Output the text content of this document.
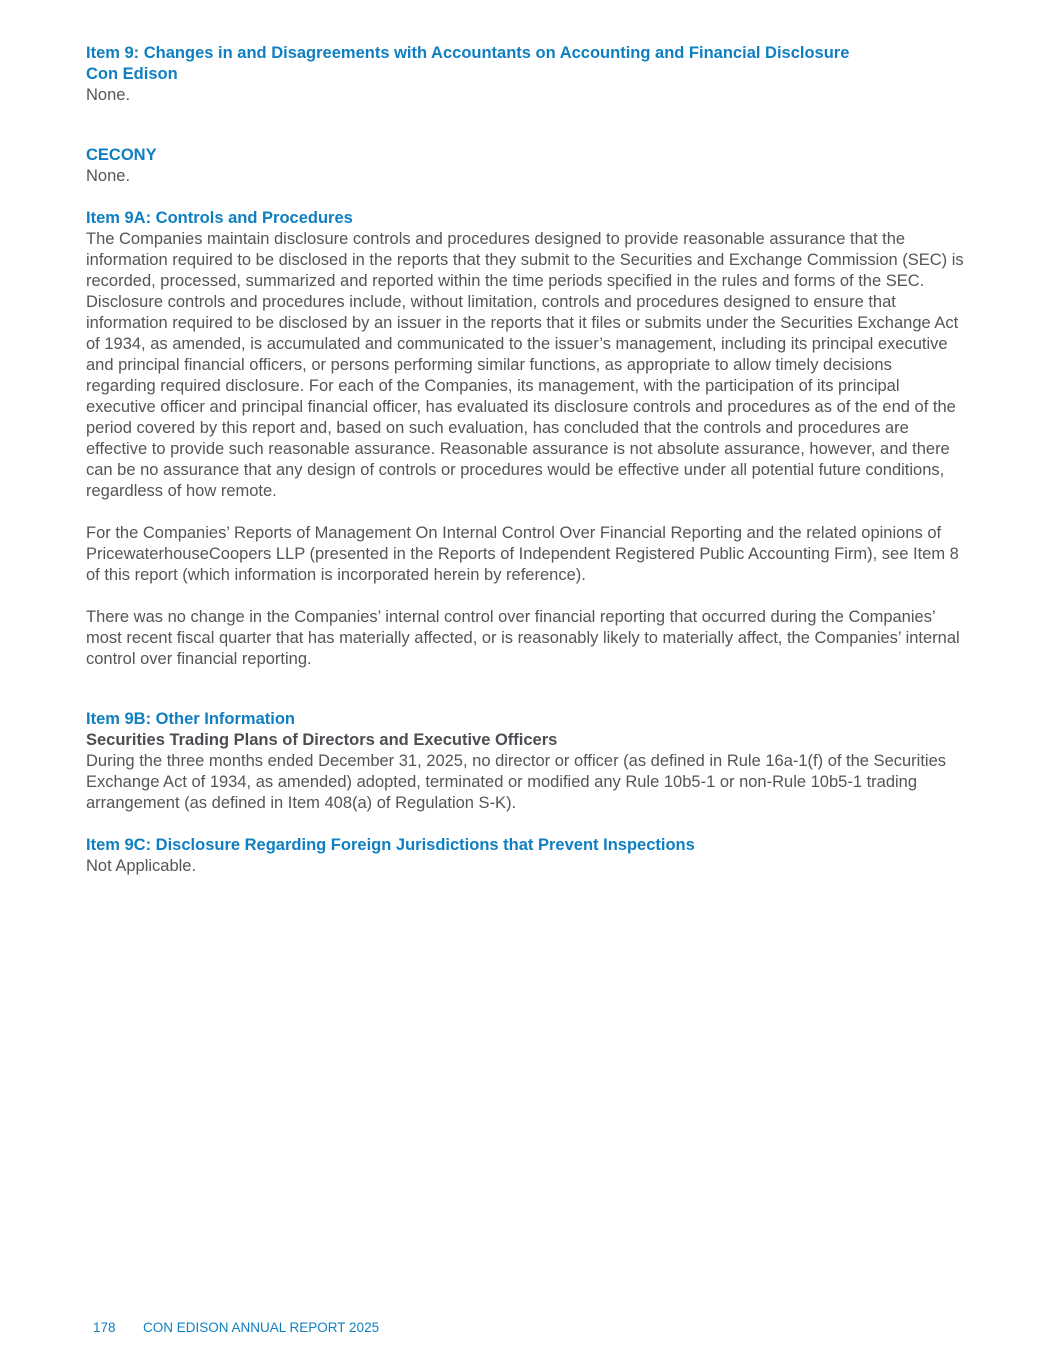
Item 9: Changes in and Disagreements with Accountants on Accounting and Financial Disclosure
Con Edison

None.

CECONY

None.

Item 9A: Controls and Procedures

The Companies maintain disclosure controls and procedures designed to provide reasonable assurance that the information required to be disclosed in the reports that they submit to the Securities and Exchange Commission (SEC) is recorded, processed, summarized and reported within the time periods specified in the rules and forms of the SEC. Disclosure controls and procedures include, without limitation, controls and procedures designed to ensure that information required to be disclosed by an issuer in the reports that it files or submits under the Securities Exchange Act of 1934, as amended, is accumulated and communicated to the issuer’s management, including its principal executive and principal financial officers, or persons performing similar functions, as appropriate to allow timely decisions regarding required disclosure. For each of the Companies, its management, with the participation of its principal executive officer and principal financial officer, has evaluated its disclosure controls and procedures as of the end of the period covered by this report and, based on such evaluation, has concluded that the controls and procedures are effective to provide such reasonable assurance. Reasonable assurance is not absolute assurance, however, and there can be no assurance that any design of controls or procedures would be effective under all potential future conditions, regardless of how remote.

For the Companies’ Reports of Management On Internal Control Over Financial Reporting and the related opinions of PricewaterhouseCoopers LLP (presented in the Reports of Independent Registered Public Accounting Firm), see Item 8 of this report (which information is incorporated herein by reference).

There was no change in the Companies’ internal control over financial reporting that occurred during the Companies’ most recent fiscal quarter that has materially affected, or is reasonably likely to materially affect, the Companies’ internal control over financial reporting.

Item 9B: Other Information
Securities Trading Plans of Directors and Executive Officers

During the three months ended December 31, 2025, no director or officer (as defined in Rule 16a-1(f) of the Securities Exchange Act of 1934, as amended) adopted, terminated or modified any Rule 10b5-1 or non-Rule 10b5-1 trading arrangement (as defined in Item 408(a) of Regulation S-K).

Item 9C: Disclosure Regarding Foreign Jurisdictions that Prevent Inspections

Not Applicable.

178 CON EDISON ANNUAL REPORT 2025
